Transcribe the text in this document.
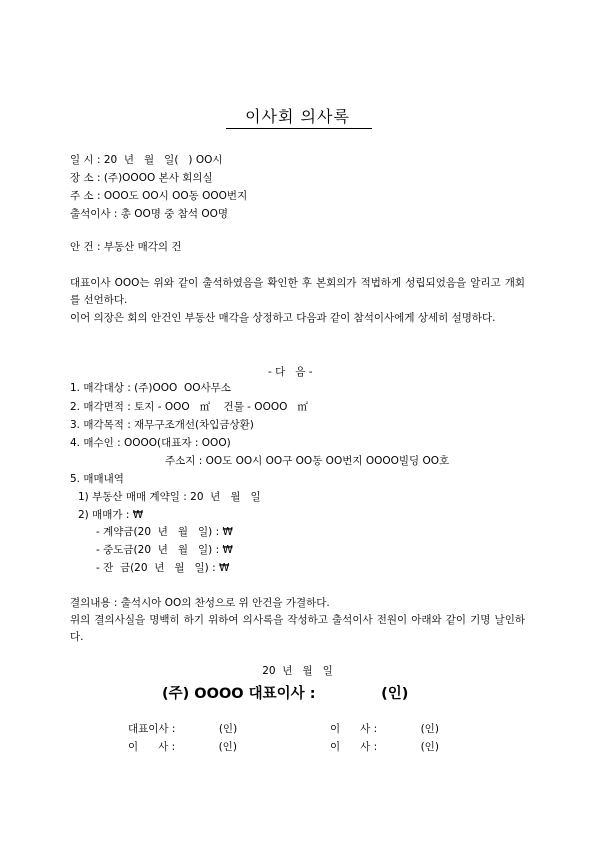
이사회 의사록
일 시 : 20  년   월   일(   ) OO시
장 소 : (주)OOOO 본사 회의실
주 소 : OOO도 OO시 OO동 OOO번지
출석이사 : 총 OO명 중 참석 OO명
안 건 : 부동산 매각의 건
대표이사 OOO는 위와 같이 출석하였음을 확인한 후 본회의가 적법하게 성립되었음을 알리고 개회를 선언하다.
이어 의장은 회의 안건인 부동산 매각을 상정하고 다음과 같이 참석이사에게 상세히 설명하다.
- 다   음 -
1. 매각대상 : (주)OOO  OO사무소
2. 매각면적 : 토지 - OOO   ㎡    건물 - OOOO   ㎡
3. 매각목적 : 재무구조개선(차입금상환)
4. 매수인 : OOOO(대표자 : OOO)
주소지 : OO도 OO시 OO구 OO동 OO번지 OOOO빌딩 OO호
5. 매매내역
1) 부동산 매매 계약일 : 20  년   월   일
2) 매매가 : ₩
- 계약금(20  년   월   일) : ₩
- 중도금(20  년   월   일) : ₩
- 잔  금(20  년   월   일) : ₩
결의내용 : 출석시아 OO의 찬성으로 위 안건을 가결하다.
위의 결의사실을 명백히 하기 위하여 의사록을 작성하고 출석이사 전원이 아래와 같이 기명 날인하다.
20  년   월   일
(주) OOOO 대표이사 :             (인)
대표이사 :             (인)	이      사 :             (인)
이      사 :             (인)	이      사 :             (인)
